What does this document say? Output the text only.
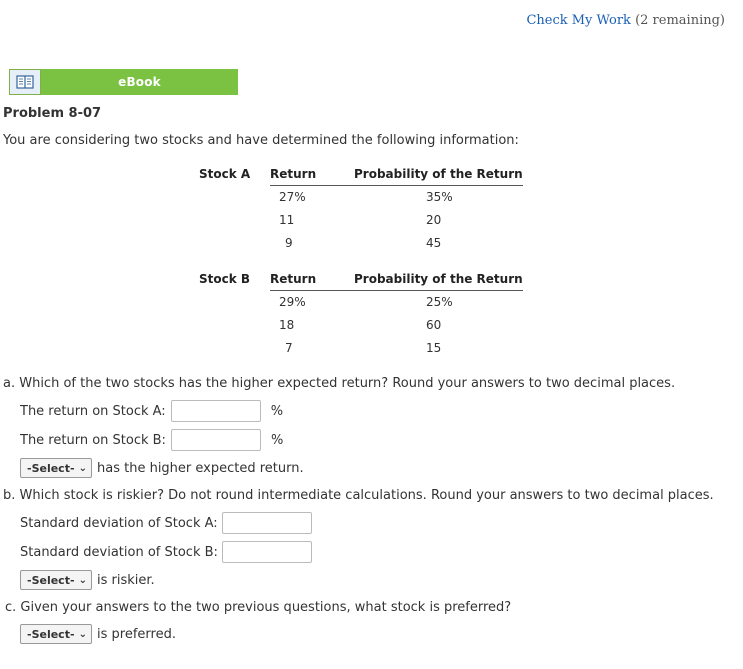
Check My Work (2 remaining)
eBook
Problem 8-07
You are considering two stocks and have determined the following information:
Stock A	Return	Probability of the Return
	27%	35%
	11	20
	9	45
Stock B	Return	Probability of the Return
	29%	25%
	18	60
	7	15
a. Which of the two stocks has the higher expected return? Round your answers to two decimal places.
The return on Stock A:	%
The return on Stock B:	%
-Select- ⌄ has the higher expected return.
b. Which stock is riskier? Do not round intermediate calculations. Round your answers to two decimal places.
Standard deviation of Stock A:
Standard deviation of Stock B:
-Select- ⌄ is riskier.
c. Given your answers to the two previous questions, what stock is preferred?
-Select- ⌄ is preferred.
